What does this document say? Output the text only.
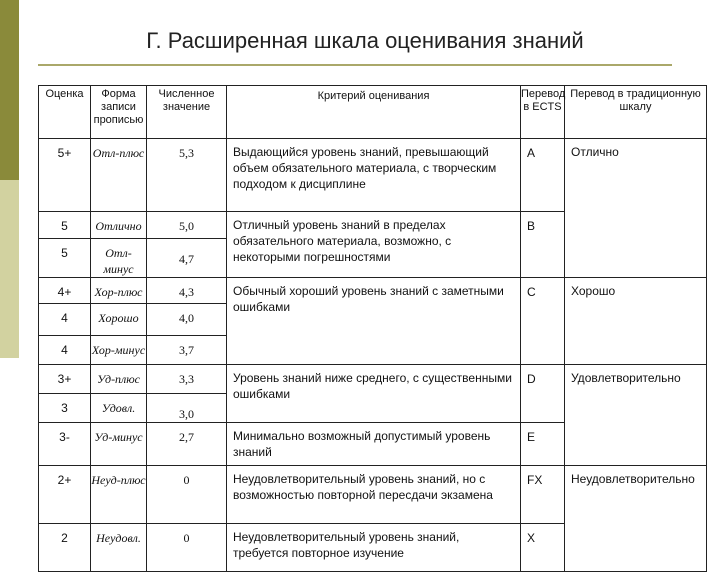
Г. Расширенная шкала оценивания знаний
Оценка	Форма записи прописью	Численное значение	Критерий оценивания	Перевод в ECTS	Перевод в традиционную шкалу
5+	Отл-плюс	5,3	Выдающийся уровень знаний, превышающий объем обязательного материала, с творческим подходом к дисциплине	A	Отлично
5	Отлично	5,0	Отличный уровень знаний в пределах обязательного материала, возможно, с некоторыми погрешностями	B	
5	Отл-минус	4,7			
4+	Хор-плюс	4,3	Обычный хороший уровень знаний с заметными ошибками	C	Хорошо
4	Хорошо	4,0			
4	Хор-минус	3,7			
3+	Уд-плюс	3,3	Уровень знаний ниже среднего, с существенными ошибками	D	Удовлетворительно
3	Удовл.	3,0			
3-	Уд-минус	2,7	Минимально возможный допустимый уровень знаний	E	
2+	Неуд-плюс	0	Неудовлетворительный уровень знаний, но с возможностью повторной пересдачи экзамена	FX	Неудовлетворительно
2	Неудовл.	0	Неудовлетворительный уровень знаний, требуется повторное изучение	X	
